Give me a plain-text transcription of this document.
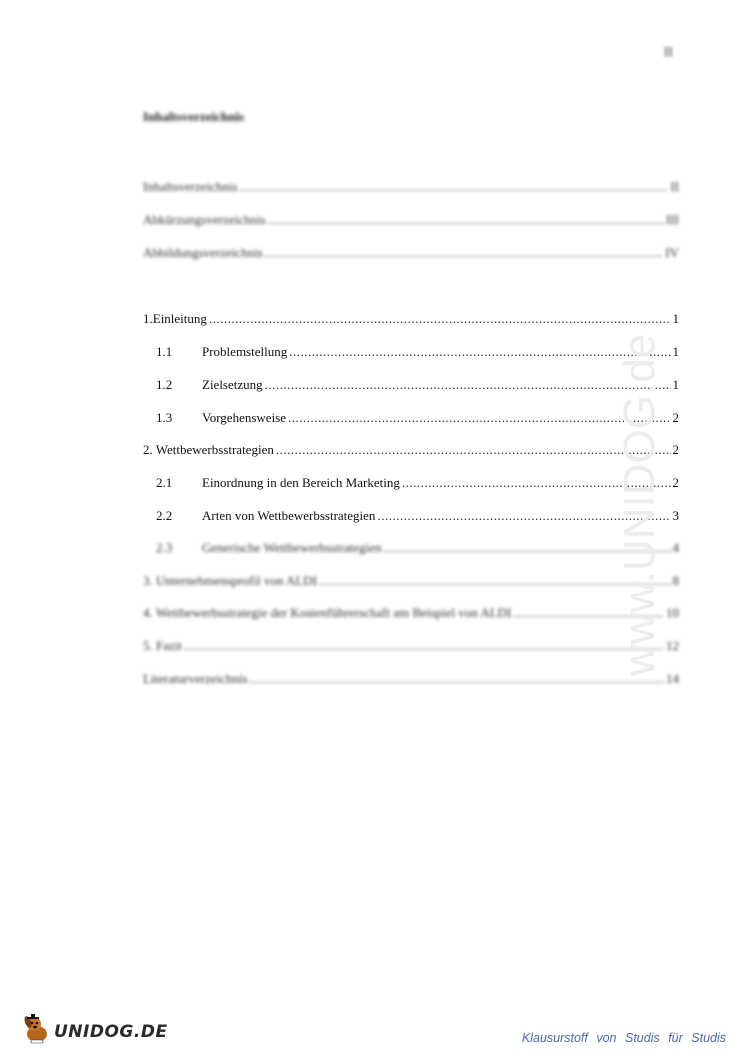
II
Inhaltsverzeichnis
Inhaltsverzeichnis .....	II
Abkürzungsverzeichnis .....	III
Abbildungsverzeichnis .....	IV
1.Einleitung .....	1
1.1	Problemstellung .....	1
1.2	Zielsetzung .....	1
1.3	Vorgehensweise .....	2
2. Wettbewerbsstrategien .....	2
2.1	Einordnung in den Bereich Marketing .....	2
2.2	Arten von Wettbewerbsstrategien .....	3
2.3	Generische Wettbewerbsstrategien .....	4
3. Unternehmensprofil von ALDI .....	8
4. Wettbewerbsstrategie der Kostenführerschaft am Beispiel von ALDI .....	10
5. Fazit .....	12
Literaturverzeichnis .....	14
www.UNIDOG.de
UNIDOG.DE	Klausurstoff von Studis für Studis
